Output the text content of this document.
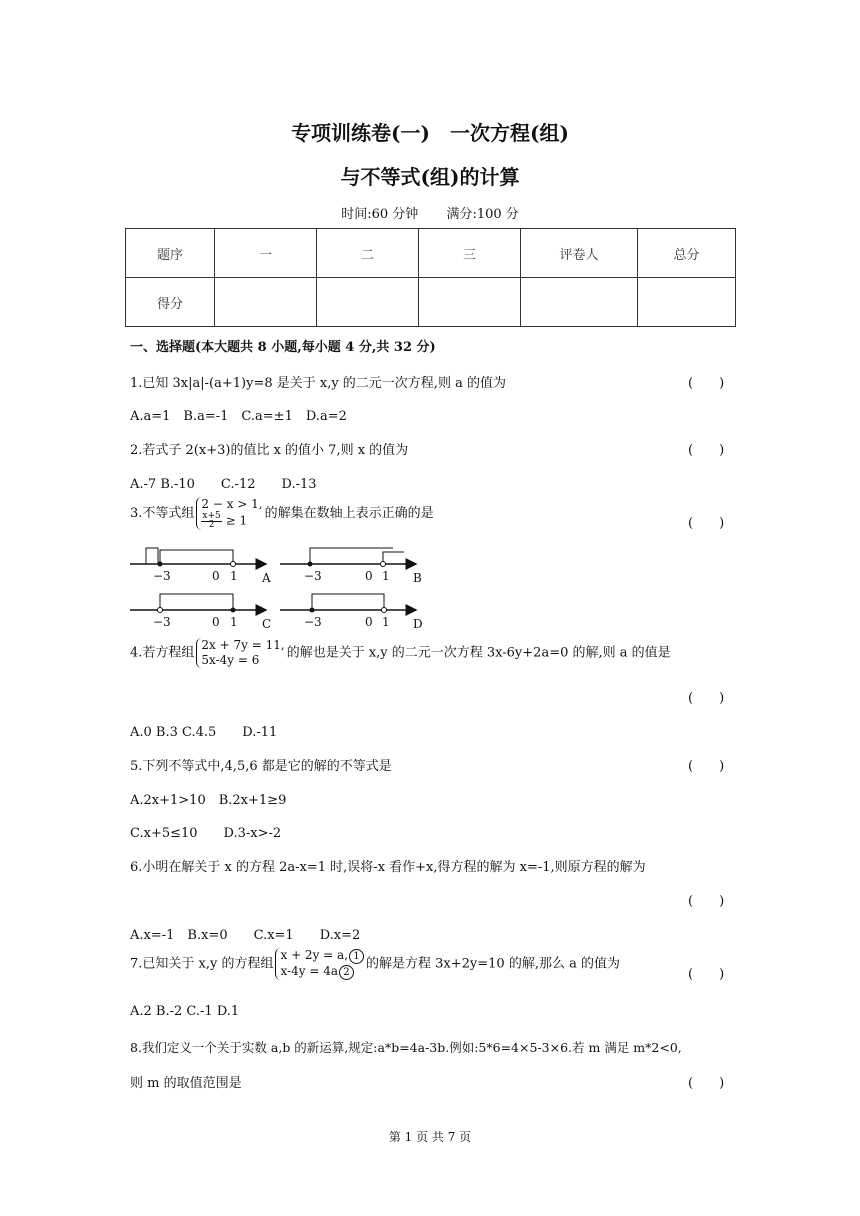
专项训练卷(一)　一次方程(组)
与不等式(组)的计算
时间:60 分钟 满分:100 分
题序	一	二	三	评卷人	总分
得分					
一、选择题(本大题共 8 小题,每小题 4 分,共 32 分)
1.已知 3x|a|-(a+1)y=8 是关于 x,y 的二元一次方程,则 a 的值为	(　　)
A.a=1　B.a=-1　C.a=±1　D.a=2
2.若式子 2(x+3)的值比 x 的值小 7,则 x 的值为	(　　)
A.-7 B.-10　　C.-12　　D.-13
3.不等式组2 − x > 1,
$\frac{x+5}{2} \ge 1$ 的解集在数轴上表示正确的是
(　　)
−3	0 1 A	−3	0 1 B
−3	0 1 C	−3	0 1 D
4.若方程组2x + 7y = 11,
5x-4y = 6 的解也是关于 x,y 的二元一次方程 3x-6y+2a=0 的解,则 a 的值是
(　　)
A.0 B.3 C.4.5　　D.-11
5.下列不等式中,4,5,6 都是它的解的不等式是	(　　)
A.2x+1>10　B.2x+1≥9
C.x+5≤10　　D.3-x>-2
6.小明在解关于 x 的方程 2a-x=1 时,误将-x 看作+x,得方程的解为 x=-1,则原方程的解为
(　　)
A.x=-1　B.x=0　　C.x=1　　D.x=2
7.已知关于 x,y 的方程组x + 2y = a, 1
x-4y = 4a 2的解是方程 3x+2y=10 的解,那么 a 的值为
(　　)
A.2 B.-2 C.-1 D.1
8.我们定义一个关于实数 a,b 的新运算,规定:a*b=4a-3b.例如:5*6=4×5-3×6.若 m 满足 m*2<0,
则 m 的取值范围是	(　　)
第 1 页 共 7 页
